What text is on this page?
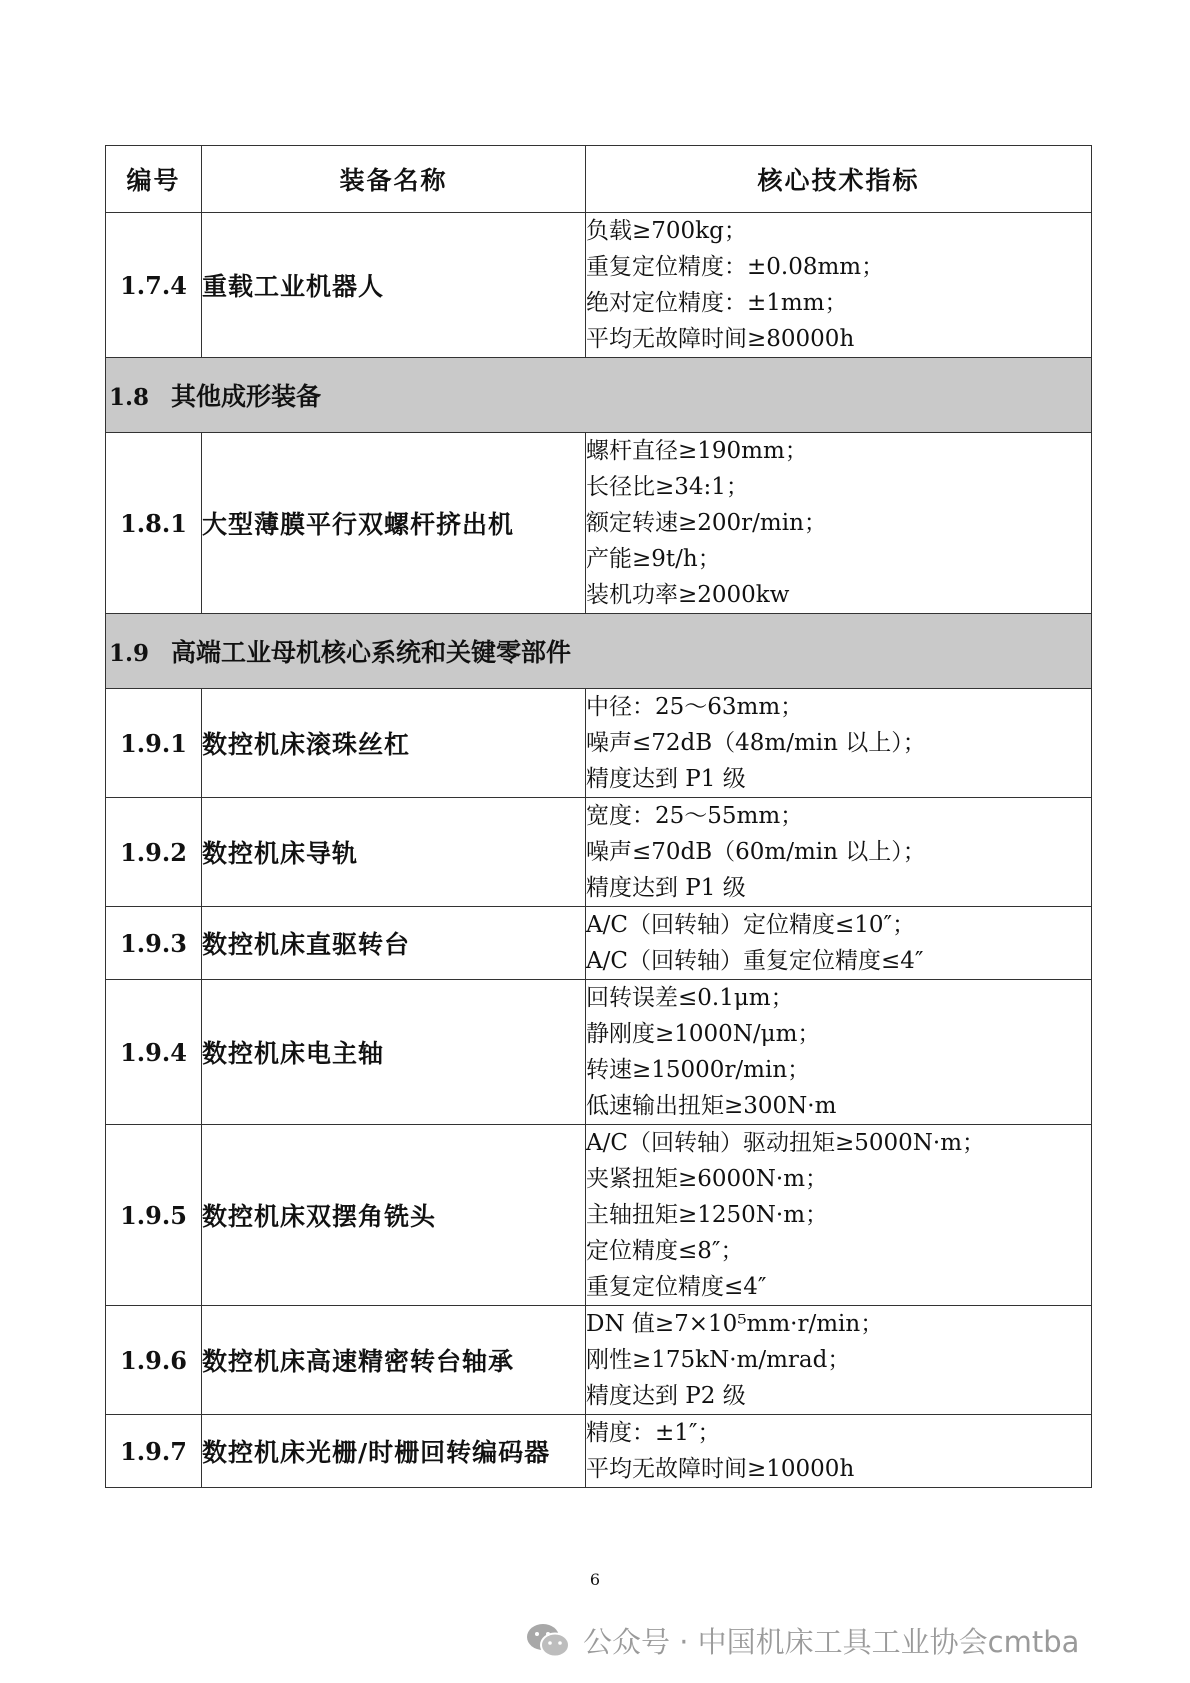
编号	装备名称	核心技术指标
1.7.4	重载工业机器人	负载≥700kg；
重复定位精度：±0.08mm；
绝对定位精度：±1mm；
平均无故障时间≥80000h

1.8 其他成形装备		
1.8.1	大型薄膜平行双螺杆挤出机	螺杆直径≥190mm；
长径比≥34:1；
额定转速≥200r/min；
产能≥9t/h；
装机功率≥2000kw

1.9 高端工业母机核心系统和关键零部件		
1.9.1	数控机床滚珠丝杠	中径：25～63mm；
噪声≤72dB（48m/min 以上）；
精度达到 P1 级

1.9.2	数控机床导轨	宽度：25～55mm；
噪声≤70dB（60m/min 以上）；
精度达到 P1 级

1.9.3	数控机床直驱转台	A/C（回转轴）定位精度≤10″；
A/C（回转轴）重复定位精度≤4″

1.9.4	数控机床电主轴	回转误差≤0.1μm；
静刚度≥1000N/μm；
转速≥15000r/min；
低速输出扭矩≥300N·m

1.9.5	数控机床双摆角铣头	A/C（回转轴）驱动扭矩≥5000N·m；
夹紧扭矩≥6000N·m；
主轴扭矩≥1250N·m；
定位精度≤8″；
重复定位精度≤4″

1.9.6	数控机床高速精密转台轴承	DN 值≥7×10⁵mm·r/min；
刚性≥175kN·m/mrad；
精度达到 P2 级

1.9.7	数控机床光栅/时栅回转编码器	精度：±1″；
平均无故障时间≥10000h
6
公众号 · 中国机床工具工业协会cmtba
